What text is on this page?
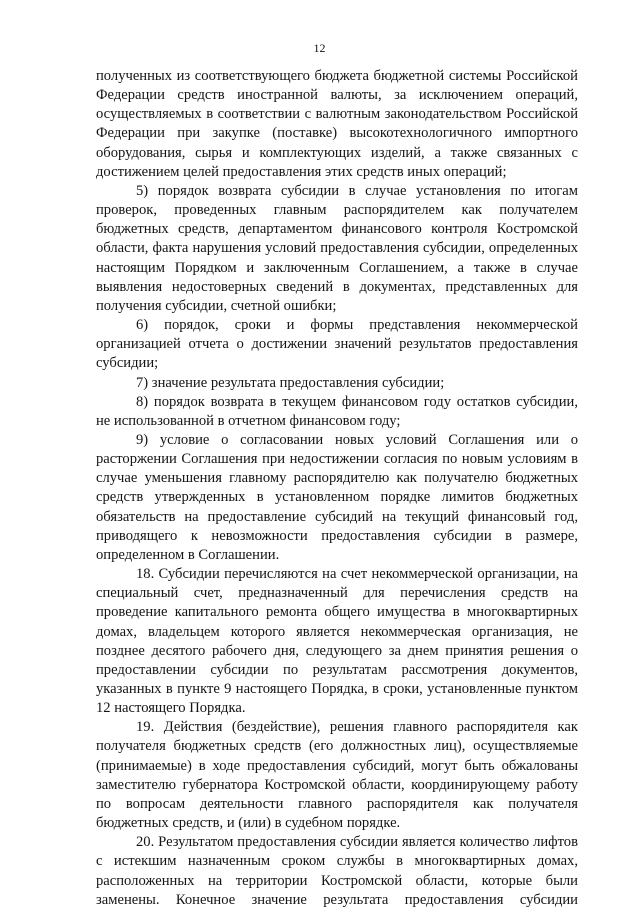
12

полученных из соответствующего бюджета бюджетной системы Российской Федерации средств иностранной валюты, за исключением операций, осуществляемых в соответствии с валютным законодательством Российской Федерации при закупке (поставке) высокотехнологичного импортного оборудования, сырья и комплектующих изделий, а также связанных с достижением целей предоставления этих средств иных операций;

5) порядок возврата субсидии в случае установления по итогам проверок, проведенных главным распорядителем как получателем бюджетных средств, департаментом финансового контроля Костромской области, факта нарушения условий предоставления субсидии, определенных настоящим Порядком и заключенным Соглашением, а также в случае выявления недостоверных сведений в документах, представленных для получения субсидии, счетной ошибки;

6) порядок, сроки и формы представления некоммерческой организацией отчета о достижении значений результатов предоставления субсидии;

7) значение результата предоставления субсидии;

8) порядок возврата в текущем финансовом году остатков субсидии, не использованной в отчетном финансовом году;

9) условие о согласовании новых условий Соглашения или о расторжении Соглашения при недостижении согласия по новым условиям в случае уменьшения главному распорядителю как получателю бюджетных средств утвержденных в установленном порядке лимитов бюджетных обязательств на предоставление субсидий на текущий финансовый год, приводящего к невозможности предоставления субсидии в размере, определенном в Соглашении.

18. Субсидии перечисляются на счет некоммерческой организации, на специальный счет, предназначенный для перечисления средств на проведение капитального ремонта общего имущества в многоквартирных домах, владельцем которого является некоммерческая организация, не позднее десятого рабочего дня, следующего за днем принятия решения о предоставлении субсидии по результатам рассмотрения документов, указанных в пункте 9 настоящего Порядка, в сроки, установленные пунктом 12 настоящего Порядка.

19. Действия (бездействие), решения главного распорядителя как получателя бюджетных средств (его должностных лиц), осуществляемые (принимаемые) в ходе предоставления субсидий, могут быть обжалованы заместителю губернатора Костромской области, координирующему работу по вопросам деятельности главного распорядителя как получателя бюджетных средств, и (или) в судебном порядке.

20. Результатом предоставления субсидии является количество лифтов с истекшим назначенным сроком службы в многоквартирных домах, расположенных на территории Костромской области, которые были заменены. Конечное значение результата предоставления субсидии
